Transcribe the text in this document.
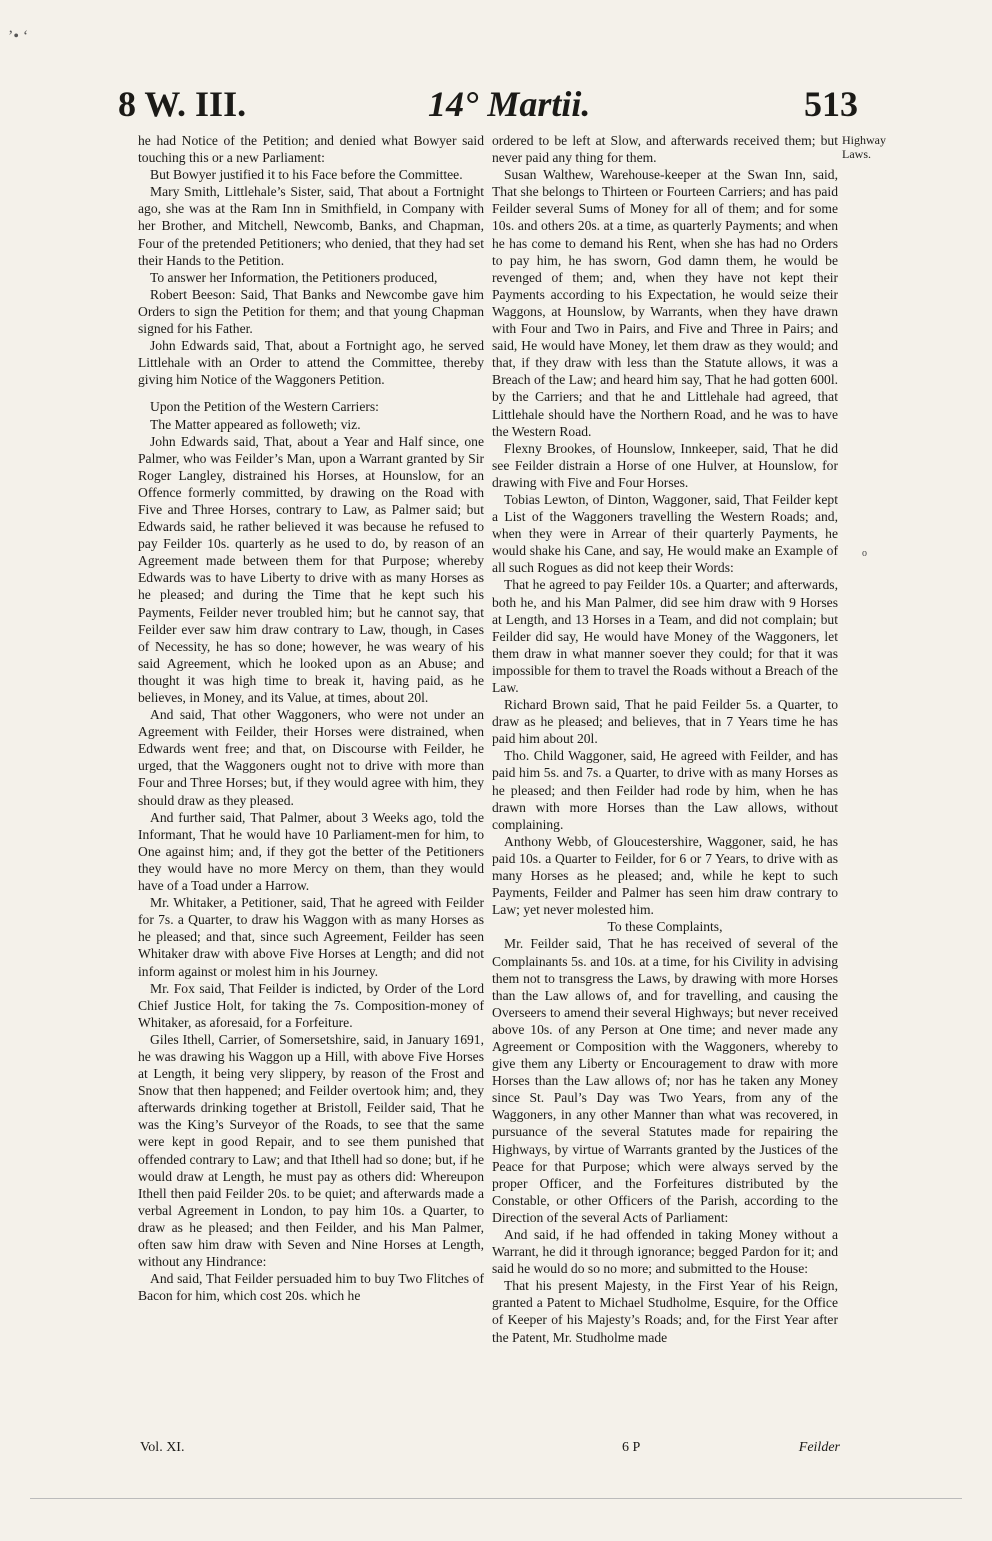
’• ‘
8 W. III.	14° Martii.	513

he had Notice of the Petition; and denied what Bowyer said touching this or a new Parliament:

But Bowyer justified it to his Face before the Committee.

Mary Smith, Littlehale’s Sister, said, That about a Fortnight ago, she was at the Ram Inn in Smithfield, in Company with her Brother, and Mitchell, Newcomb, Banks, and Chapman, Four of the pretended Petitioners; who denied, that they had set their Hands to the Petition.

To answer her Information, the Petitioners produced,

Robert Beeson: Said, That Banks and Newcombe gave him Orders to sign the Petition for them; and that young Chapman signed for his Father.

John Edwards said, That, about a Fortnight ago, he served Littlehale with an Order to attend the Committee, thereby giving him Notice of the Waggoners Petition.

Upon the Petition of the Western Carriers:

The Matter appeared as followeth; viz.

John Edwards said, That, about a Year and Half since, one Palmer, who was Feilder’s Man, upon a Warrant granted by Sir Roger Langley, distrained his Horses, at Hounslow, for an Offence formerly committed, by drawing on the Road with Five and Three Horses, contrary to Law, as Palmer said; but Edwards said, he rather believed it was because he refused to pay Feilder 10s. quarterly as he used to do, by reason of an Agreement made between them for that Purpose; whereby Edwards was to have Liberty to drive with as many Horses as he pleased; and during the Time that he kept such his Payments, Feilder never troubled him; but he cannot say, that Feilder ever saw him draw contrary to Law, though, in Cases of Necessity, he has so done; however, he was weary of his said Agreement, which he looked upon as an Abuse; and thought it was high time to break it, having paid, as he believes, in Money, and its Value, at times, about 20l.

And said, That other Waggoners, who were not under an Agreement with Feilder, their Horses were distrained, when Edwards went free; and that, on Discourse with Feilder, he urged, that the Waggoners ought not to drive with more than Four and Three Horses; but, if they would agree with him, they should draw as they pleased.

And further said, That Palmer, about 3 Weeks ago, told the Informant, That he would have 10 Parliament-men for him, to One against him; and, if they got the better of the Petitioners they would have no more Mercy on them, than they would have of a Toad under a Harrow.

Mr. Whitaker, a Petitioner, said, That he agreed with Feilder for 7s. a Quarter, to draw his Waggon with as many Horses as he pleased; and that, since such Agreement, Feilder has seen Whitaker draw with above Five Horses at Length; and did not inform against or molest him in his Journey.

Mr. Fox said, That Feilder is indicted, by Order of the Lord Chief Justice Holt, for taking the 7s. Composition-money of Whitaker, as aforesaid, for a Forfeiture.

Giles Ithell, Carrier, of Somersetshire, said, in January 1691, he was drawing his Waggon up a Hill, with above Five Horses at Length, it being very slippery, by reason of the Frost and Snow that then happened; and Feilder overtook him; and, they afterwards drinking together at Bristoll, Feilder said, That he was the King’s Surveyor of the Roads, to see that the same were kept in good Repair, and to see them punished that offended contrary to Law; and that Ithell had so done; but, if he would draw at Length, he must pay as others did: Whereupon Ithell then paid Feilder 20s. to be quiet; and afterwards made a verbal Agreement in London, to pay him 10s. a Quarter, to draw as he pleased; and then Feilder, and his Man Palmer, often saw him draw with Seven and Nine Horses at Length, without any Hindrance:

And said, That Feilder persuaded him to buy Two Flitches of Bacon for him, which cost 20s. which he

ordered to be left at Slow, and afterwards received them; but never paid any thing for them.

Susan Walthew, Warehouse-keeper at the Swan Inn, said, That she belongs to Thirteen or Fourteen Carriers; and has paid Feilder several Sums of Money for all of them; and for some 10s. and others 20s. at a time, as quarterly Payments; and when he has come to demand his Rent, when she has had no Orders to pay him, he has sworn, God damn them, he would be revenged of them; and, when they have not kept their Payments according to his Expectation, he would seize their Waggons, at Hounslow, by Warrants, when they have drawn with Four and Two in Pairs, and Five and Three in Pairs; and said, He would have Money, let them draw as they would; and that, if they draw with less than the Statute allows, it was a Breach of the Law; and heard him say, That he had gotten 600l. by the Carriers; and that he and Littlehale had agreed, that Littlehale should have the Northern Road, and he was to have the Western Road.

Flexny Brookes, of Hounslow, Innkeeper, said, That he did see Feilder distrain a Horse of one Hulver, at Hounslow, for drawing with Five and Four Horses.

Tobias Lewton, of Dinton, Waggoner, said, That Feilder kept a List of the Waggoners travelling the Western Roads; and, when they were in Arrear of their quarterly Payments, he would shake his Cane, and say, He would make an Example of all such Rogues as did not keep their Words:

That he agreed to pay Feilder 10s. a Quarter; and afterwards, both he, and his Man Palmer, did see him draw with 9 Horses at Length, and 13 Horses in a Team, and did not complain; but Feilder did say, He would have Money of the Waggoners, let them draw in what manner soever they could; for that it was impossible for them to travel the Roads without a Breach of the Law.

Richard Brown said, That he paid Feilder 5s. a Quarter, to draw as he pleased; and believes, that in 7 Years time he has paid him about 20l.

Tho. Child Waggoner, said, He agreed with Feilder, and has paid him 5s. and 7s. a Quarter, to drive with as many Horses as he pleased; and then Feilder had rode by him, when he has drawn with more Horses than the Law allows, without complaining.

Anthony Webb, of Gloucestershire, Waggoner, said, he has paid 10s. a Quarter to Feilder, for 6 or 7 Years, to drive with as many Horses as he pleased; and, while he kept to such Payments, Feilder and Palmer has seen him draw contrary to Law; yet never molested him.

To these Complaints,

Mr. Feilder said, That he has received of several of the Complainants 5s. and 10s. at a time, for his Civility in advising them not to transgress the Laws, by drawing with more Horses than the Law allows of, and for travelling, and causing the Overseers to amend their several Highways; but never received above 10s. of any Person at One time; and never made any Agreement or Composition with the Waggoners, whereby to give them any Liberty or Encouragement to draw with more Horses than the Law allows of; nor has he taken any Money since St. Paul’s Day was Two Years, from any of the Waggoners, in any other Manner than what was recovered, in pursuance of the several Statutes made for repairing the Highways, by virtue of Warrants granted by the Justices of the Peace for that Purpose; which were always served by the proper Officer, and the Forfeitures distributed by the Constable, or other Officers of the Parish, according to the Direction of the several Acts of Parliament:

And said, if he had offended in taking Money without a Warrant, he did it through ignorance; begged Pardon for it; and said he would do so no more; and submitted to the House:

That his present Majesty, in the First Year of his Reign, granted a Patent to Michael Studholme, Esquire, for the Office of Keeper of his Majesty’s Roads; and, for the First Year after the Patent, Mr. Studholme made

Highway Laws.
o
Vol. XI.	6 P	Feilder
